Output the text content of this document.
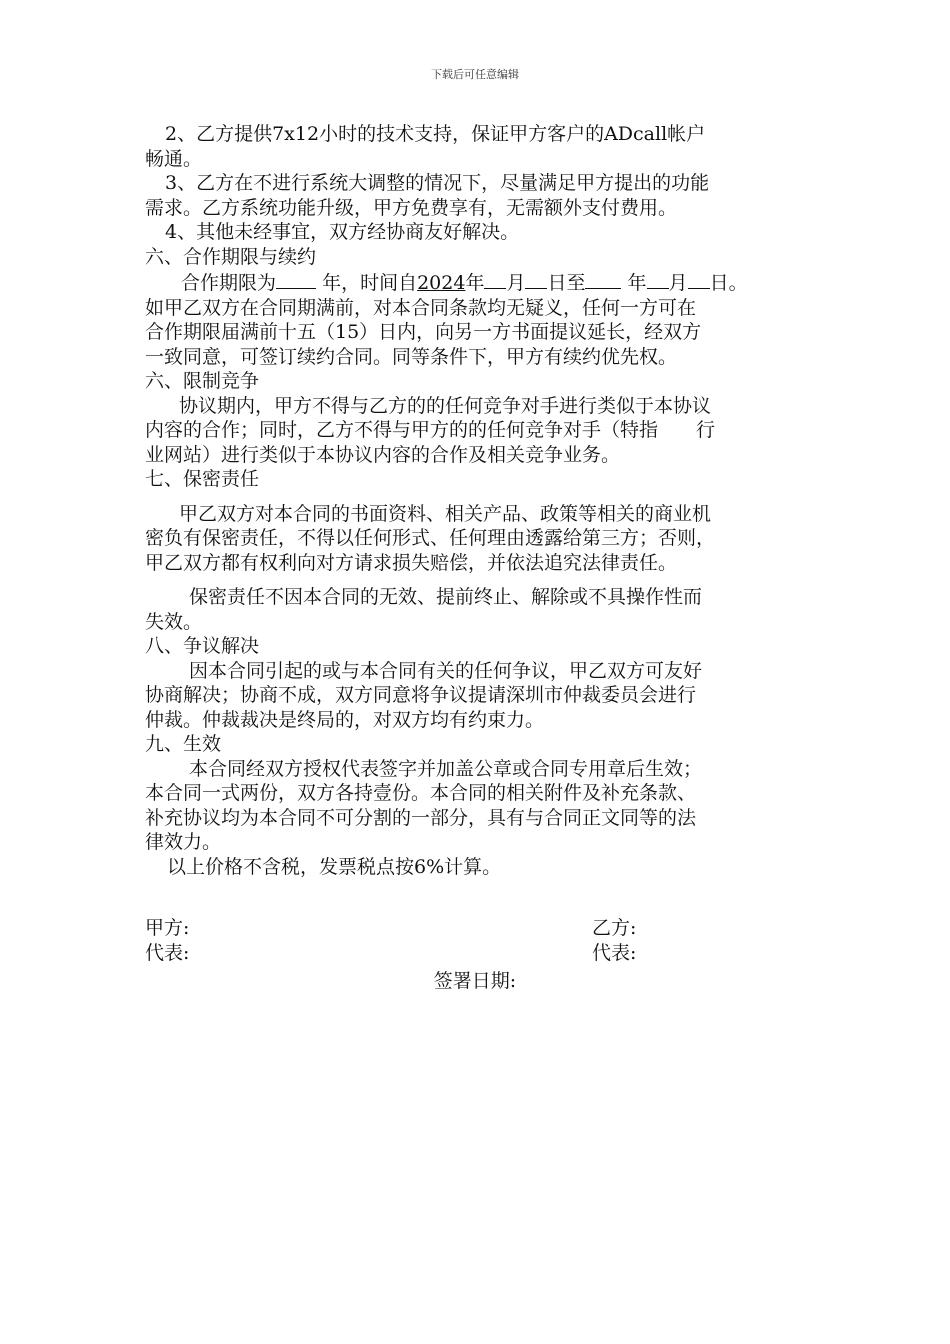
下载后可任意编辑
2、乙方提供7x12小时的技术支持，保证甲方客户的ADcall帐户
畅通。
3、乙方在不进行系统大调整的情况下，尽量满足甲方提出的功能
需求。乙方系统功能升级，甲方免费享有，无需额外支付费用。
4、其他未经事宜，双方经协商友好解决。
六、合作期限与续约
合作期限为 年，时间自2024年 月 日至 年 月 日。
如甲乙双方在合同期满前，对本合同条款均无疑义，任何一方可在
合作期限届满前十五（15）日内，向另一方书面提议延长，经双方
一致同意，可签订续约合同。同等条件下，甲方有续约优先权。
六、限制竞争
协议期内，甲方不得与乙方的的任何竞争对手进行类似于本协议
内容的合作；同时，乙方不得与甲方的的任何竞争对手（特指　　行
业网站）进行类似于本协议内容的合作及相关竞争业务。
七、保密责任
甲乙双方对本合同的书面资料、相关产品、政策等相关的商业机
密负有保密责任，不得以任何形式、任何理由透露给第三方；否则，
甲乙双方都有权利向对方请求损失赔偿，并依法追究法律责任。
保密责任不因本合同的无效、提前终止、解除或不具操作性而
失效。
八、争议解决
因本合同引起的或与本合同有关的任何争议，甲乙双方可友好
协商解决；协商不成，双方同意将争议提请深圳市仲裁委员会进行
仲裁。仲裁裁决是终局的，对双方均有约束力。
九、生效
本合同经双方授权代表签字并加盖公章或合同专用章后生效；
本合同一式两份，双方各持壹份。本合同的相关附件及补充条款、
补充协议均为本合同不可分割的一部分，具有与合同正文同等的法
律效力。
以上价格不含税，发票税点按6%计算。
甲方:	乙方:
代表:	代表:
签署日期:
